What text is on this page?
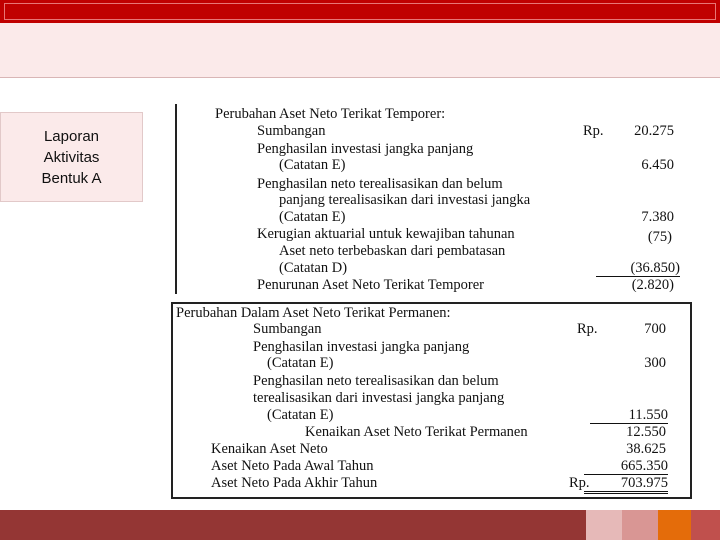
Laporan
Aktivitas
Bentuk A
Perubahan Aset Neto Terikat Temporer:
Sumbangan	Rp. 20.275
Penghasilan investasi jangka panjang
(Catatan E)	6.450
Penghasilan neto terealisasikan dan belum
panjang terealisasikan dari investasi jangka
(Catatan E)	7.380
Kerugian aktuarial untuk kewajiban tahunan	(75)
Aset neto terbebaskan dari pembatasan
(Catatan D)	(36.850)
Penurunan Aset Neto Terikat Temporer	(2.820)
Perubahan Dalam Aset Neto Terikat Permanen:
Sumbangan	Rp.	700
Penghasilan investasi jangka panjang
(Catatan E)	300
Penghasilan neto terealisasikan dan belum
terealisasikan dari investasi jangka panjang
(Catatan E)	11.550
Kenaikan Aset Neto Terikat Permanen	12.550
Kenaikan Aset Neto	38.625
Aset Neto Pada Awal Tahun	665.350
Aset Neto Pada Akhir Tahun	Rp.	703.975
